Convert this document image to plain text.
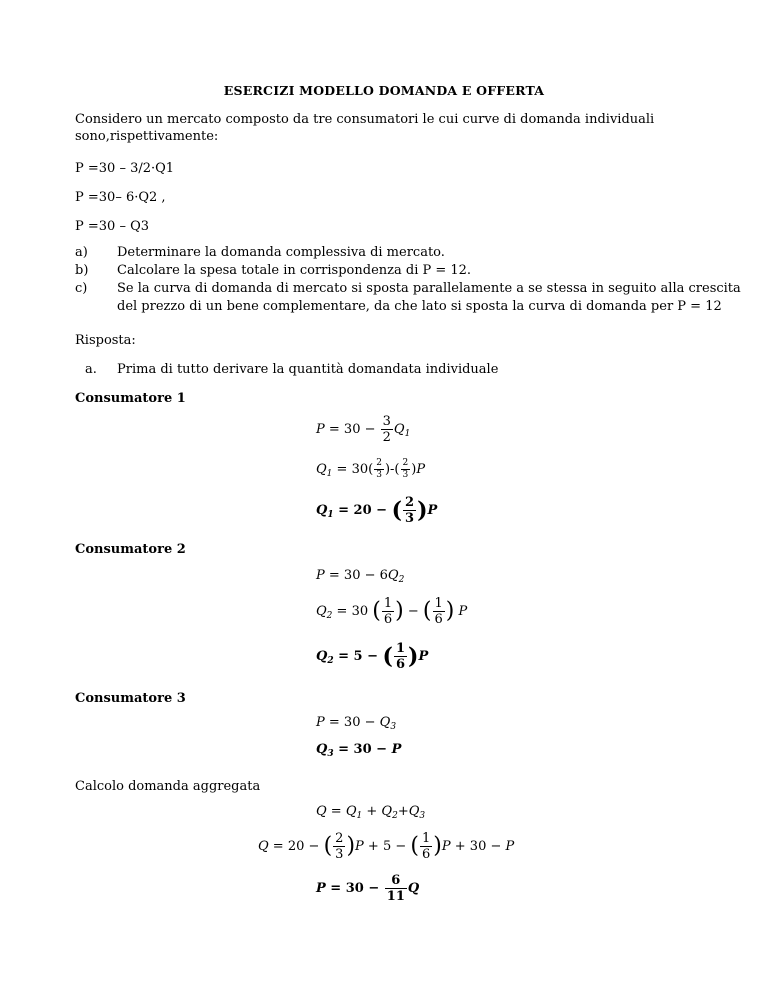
ESERCIZI MODELLO DOMANDA E OFFERTA
Considero un mercato composto da tre consumatori le cui curve di domanda individuali
sono,rispettivamente:
P =30 – 3/2·Q1
P =30– 6·Q2 ,
P =30 – Q3
a) Determinare la domanda complessiva di mercato.
b) Calcolare la spesa totale in corrispondenza di P = 12.
c) Se la curva di domanda di mercato si sposta parallelamente a se stessa in seguito alla crescita
del prezzo di un bene complementare, da che lato si sposta la curva di domanda per P = 12
Risposta:
a. Prima di tutto derivare la quantità domandata individuale
Consumatore 1
$P = 30 - \frac{3}{2} Q_1$
$Q_1 = 30( \frac{2}{3}$ )-( $\frac{2}{3} )P$
$Q_1 = 20$ − ( $\frac{2}{3} )P$
Consumatore 2
$P = 30 - 6Q_2$
$Q_2 = 30$ ( $\frac{1}{6}$ ) − ( $\frac{1}{6}$ ) P
$Q_2 = 5$ − ( $\frac{1}{6} )P$
Consumatore 3
$P = 30 - Q_3$
$Q_3 = 30 - P$
Calcolo domanda aggregata
$Q = Q_1 + Q_2+Q_3$
Q = 20 − ( $\frac{2}{3} )P + 5$ − ( $\frac{1}{6} )P + 30 - P$
$P = 30 - \frac{6}{11}$ Q
